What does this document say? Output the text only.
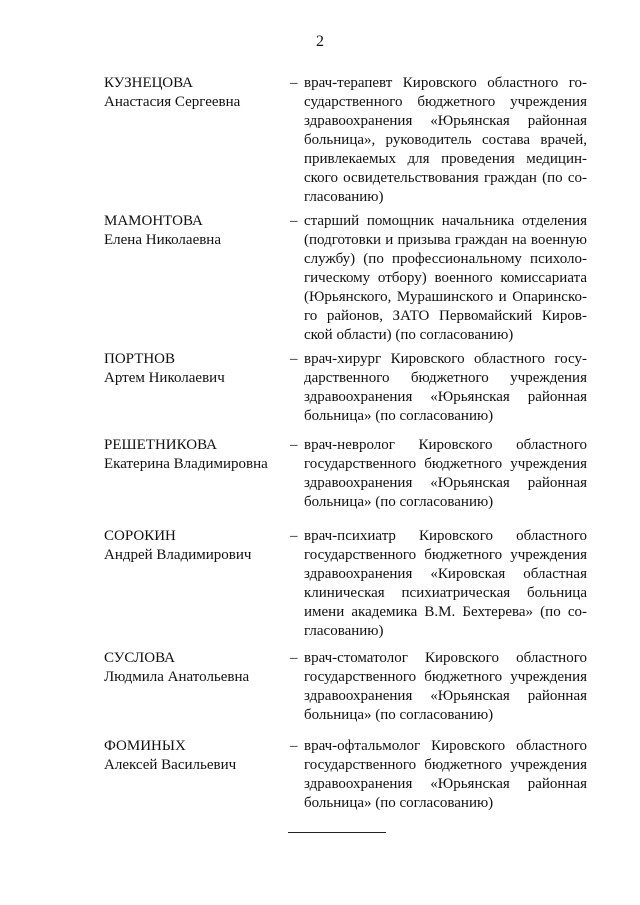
2
КУЗНЕЦОВА
Анастасия Сергеевна
– врач-терапевт Кировского областного го-
сударственного бюджетного учреждения
здравоохранения «Юрьянская районная
больница», руководитель состава врачей,
привлекаемых для проведения медицин-
ского освидетельствования граждан (по со-
гласованию)
МАМОНТОВА
Елена Николаевна
– старший помощник начальника отделения
(подготовки и призыва граждан на военную
службу) (по профессиональному психоло-
гическому отбору) военного комиссариата
(Юрьянского, Мурашинского и Опаринско-
го районов, ЗАТО Первомайский Киров-
ской области) (по согласованию)
ПОРТНОВ
Артем Николаевич
– врач-хирург Кировского областного госу-
дарственного бюджетного учреждения
здравоохранения «Юрьянская районная
больница» (по согласованию)
РЕШЕТНИКОВА
Екатерина Владимировна
– врач-невролог Кировского областного
государственного бюджетного учреждения
здравоохранения «Юрьянская районная
больница» (по согласованию)
СОРОКИН
Андрей Владимирович
– врач-психиатр Кировского областного
государственного бюджетного учреждения
здравоохранения «Кировская областная
клиническая психиатрическая больница
имени академика В.М. Бехтерева» (по со-
гласованию)
СУСЛОВА
Людмила Анатольевна
– врач-стоматолог Кировского областного
государственного бюджетного учреждения
здравоохранения «Юрьянская районная
больница» (по согласованию)
ФОМИНЫХ
Алексей Васильевич
– врач-офтальмолог Кировского областного
государственного бюджетного учреждения
здравоохранения «Юрьянская районная
больница» (по согласованию)
